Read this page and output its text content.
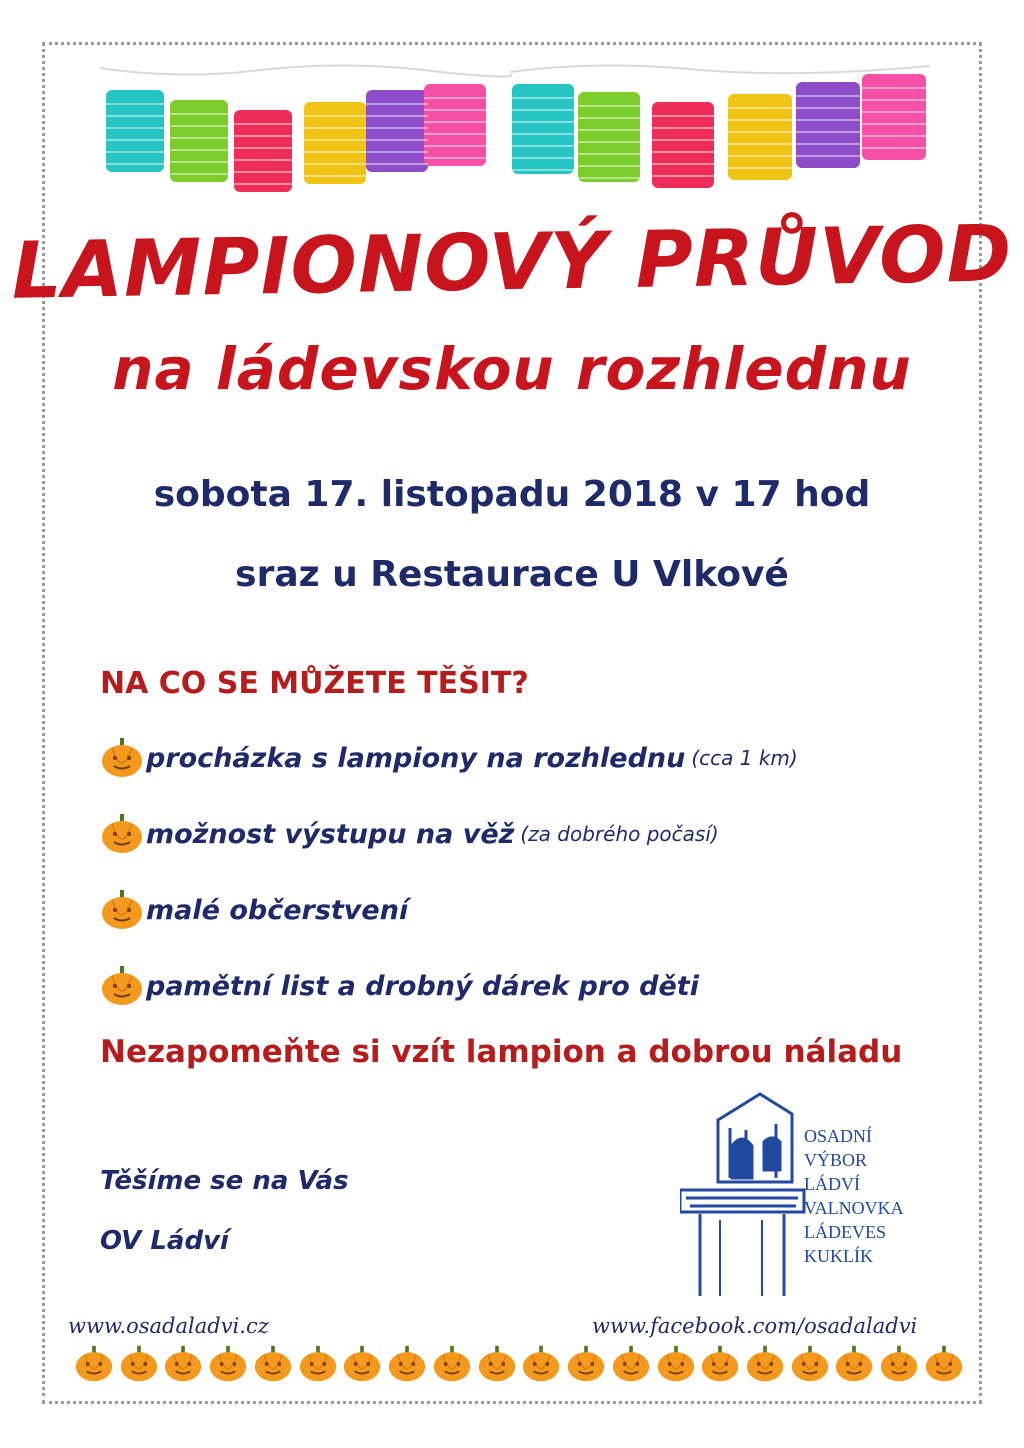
LAMPIONOVÝ PRŮVOD
na ládevskou rozhlednu
sobota 17. listopadu 2018 v 17 hod
sraz u Restaurace U Vlkové
NA CO SE MŮŽETE TĚŠIT?
procházka s lampiony na rozhlednu (cca 1 km)
možnost výstupu na věž (za dobrého počasí)
malé občerstvení
pamětní list a drobný dárek pro děti
Nezapomeňte si vzít lampion a dobrou náladu
Těšíme se na Vás
OV Ládví
OSADNÍ
VÝBOR
LÁDVÍ
VALNOVKA
LÁDEVES
KUKLÍK
www.osadaladvi.cz	www.facebook.com/osadaladvi
